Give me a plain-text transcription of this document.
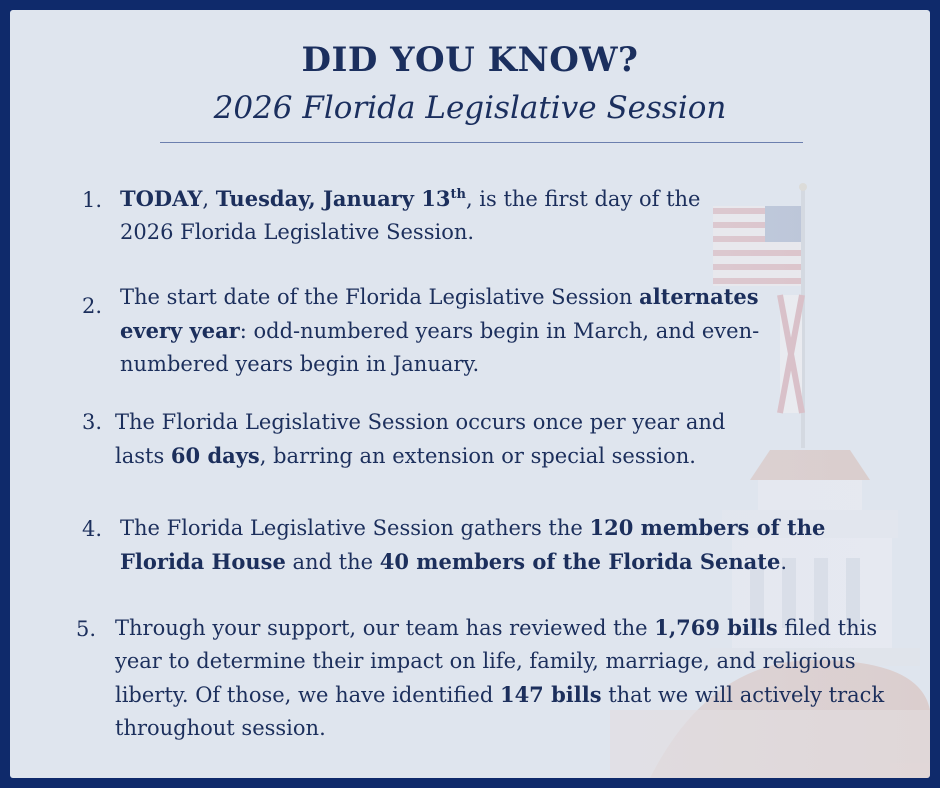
DID YOU KNOW?
2026 Florida Legislative Session
1. TODAY, Tuesday, January 13th, is the first day of the 2026 Florida Legislative Session.
2. The start date of the Florida Legislative Session alternates every year: odd-numbered years begin in March, and even-numbered years begin in January.
3. The Florida Legislative Session occurs once per year and lasts 60 days, barring an extension or special session.
4. The Florida Legislative Session gathers the 120 members of the Florida House and the 40 members of the Florida Senate.
5. Through your support, our team has reviewed the 1,769 bills filed this year to determine their impact on life, family, marriage, and religious liberty. Of those, we have identified 147 bills that we will actively track throughout session.
